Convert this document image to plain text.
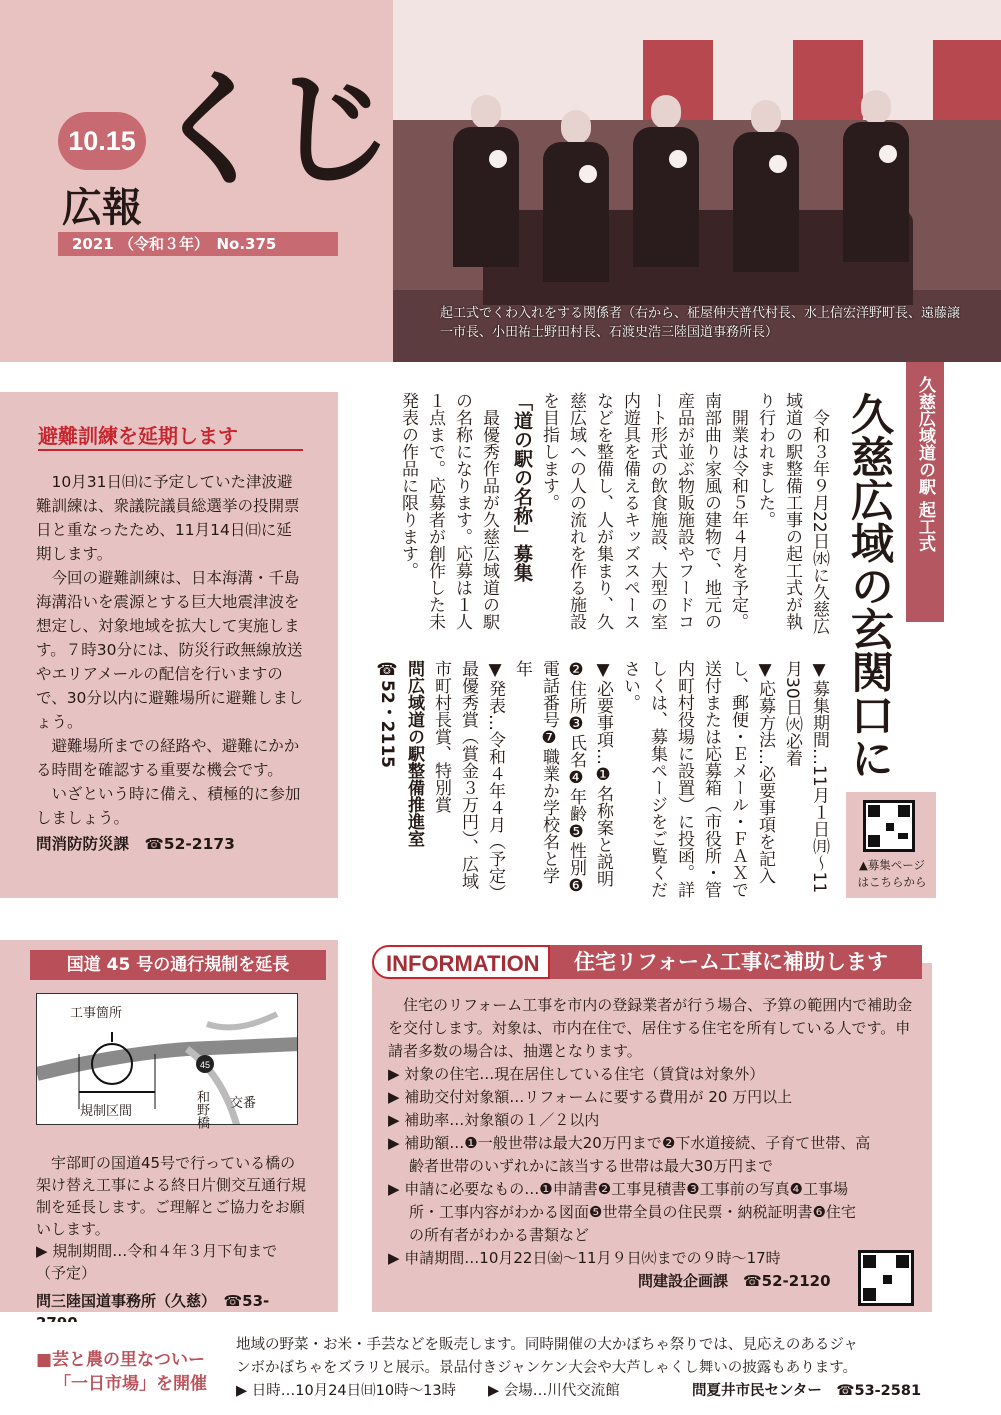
10.15 くじ
広報
2021 （令和３年）　No.375
起工式でくわ入れをする関係者（右から、柾屋伸夫普代村長、水上信宏洋野町長、遠藤譲一市長、小田祐士野田村長、石渡史浩三陸国道事務所長）
避難訓練を延期します

10月31日㈰に予定していた津波避難訓練は、衆議院議員総選挙の投開票日と重なったため、11月14日㈰に延期します。

今回の避難訓練は、日本海溝・千島海溝沿いを震源とする巨大地震津波を想定し、対象地域を拡大して実施します。７時30分には、防災行政無線放送やエリアメールの配信を行いますので、30分以内に避難場所に避難しましょう。

避難場所までの経路や、避難にかかる時間を確認する重要な機会です。

いざという時に備え、積極的に参加しましょう。

問消防防災課　☎52-2173

久慈広域道の駅 起工式
久慈広域の玄関口に

令和３年９月22日㈬に久慈広域道の駅整備工事の起工式が執り行われました。

開業は令和５年４月を予定。南部曲り家風の建物で、地元の産品が並ぶ物販施設やフードコート形式の飲食施設、大型の室内遊具を備えるキッズスペースなどを整備し、人が集まり、久慈広域への人の流れを作る施設を目指します。

「道の駅の名称」募集

最優秀作品が久慈広域道の駅の名称になります。応募は１人１点まで。応募者が創作した未発表の作品に限ります。

▼募集期間…11月１日㈪〜11月30日㈫必着

▼応募方法…必要事項を記入し、郵便・Ｅメール・ＦＡＸで送付または応募箱（市役所・管内町村役場に設置）に投函。詳しくは、募集ページをご覧ください。

▼必要事項…❶名称案と説明❷住所❸氏名❹年齢❺性別❻電話番号❼職業か学校名と学年

▼発表…令和４年４月（予定）最優秀賞（賞金３万円）、広域市町村長賞、特別賞

問広域道の駅整備推進室　☎52・2115

▲募集ページ
はこちらから
国道 45 号の通行規制を延長
45
工事箇所
規制区間	和野橋 交番

宇部町の国道45号で行っている橋の架け替え工事による終日片側交互通行規制を延長します。ご理解とご協力をお願いします。

▶ 規制期間…令和４年３月下旬まで（予定）

問三陸国道事務所（久慈）　☎53-

INFORMATION	住宅リフォーム工事に補助します

住宅のリフォーム工事を市内の登録業者が行う場合、予算の範囲内で補助金を交付します。対象は、市内在住で、居住する住宅を所有している人です。申請者多数の場合は、抽選となります。

▶ 対象の住宅…現在居住している住宅（賃貸は対象外）

▶ 補助交付対象額…リフォームに要する費用が 20 万円以上

▶ 補助率…対象額の１／２以内

▶ 補助額…❶一般世帯は最大20万円まで❷下水道接続、子育て世帯、高

齢者世帯のいずれかに該当する世帯は最大30万円まで

▶ 申請に必要なもの…❶申請書❷工事見積書❸工事前の写真❹工事場

所・工事内容がわかる図面❺世帯全員の住民票・納税証明書❻住宅

の所有者がわかる書類など

▶ 申請期間…10月22日㈮〜11月９日㈫までの９時〜17時

問建設企画課　☎52-2120

■芸と農の里なついー
「一日市場」を開催
地域の野菜・お米・手芸などを販売します。同時開催の大かぼちゃ祭りでは、見応えのあるジャ
ンボかぼちゃをズラリと展示。景品付きジャンケン大会や大芦しゃくし舞いの披露もあります。
▶ 日時…10月24日㈰10時〜13時 ▶ 会場…川代交流館	問夏井市民センター　☎53-2581
